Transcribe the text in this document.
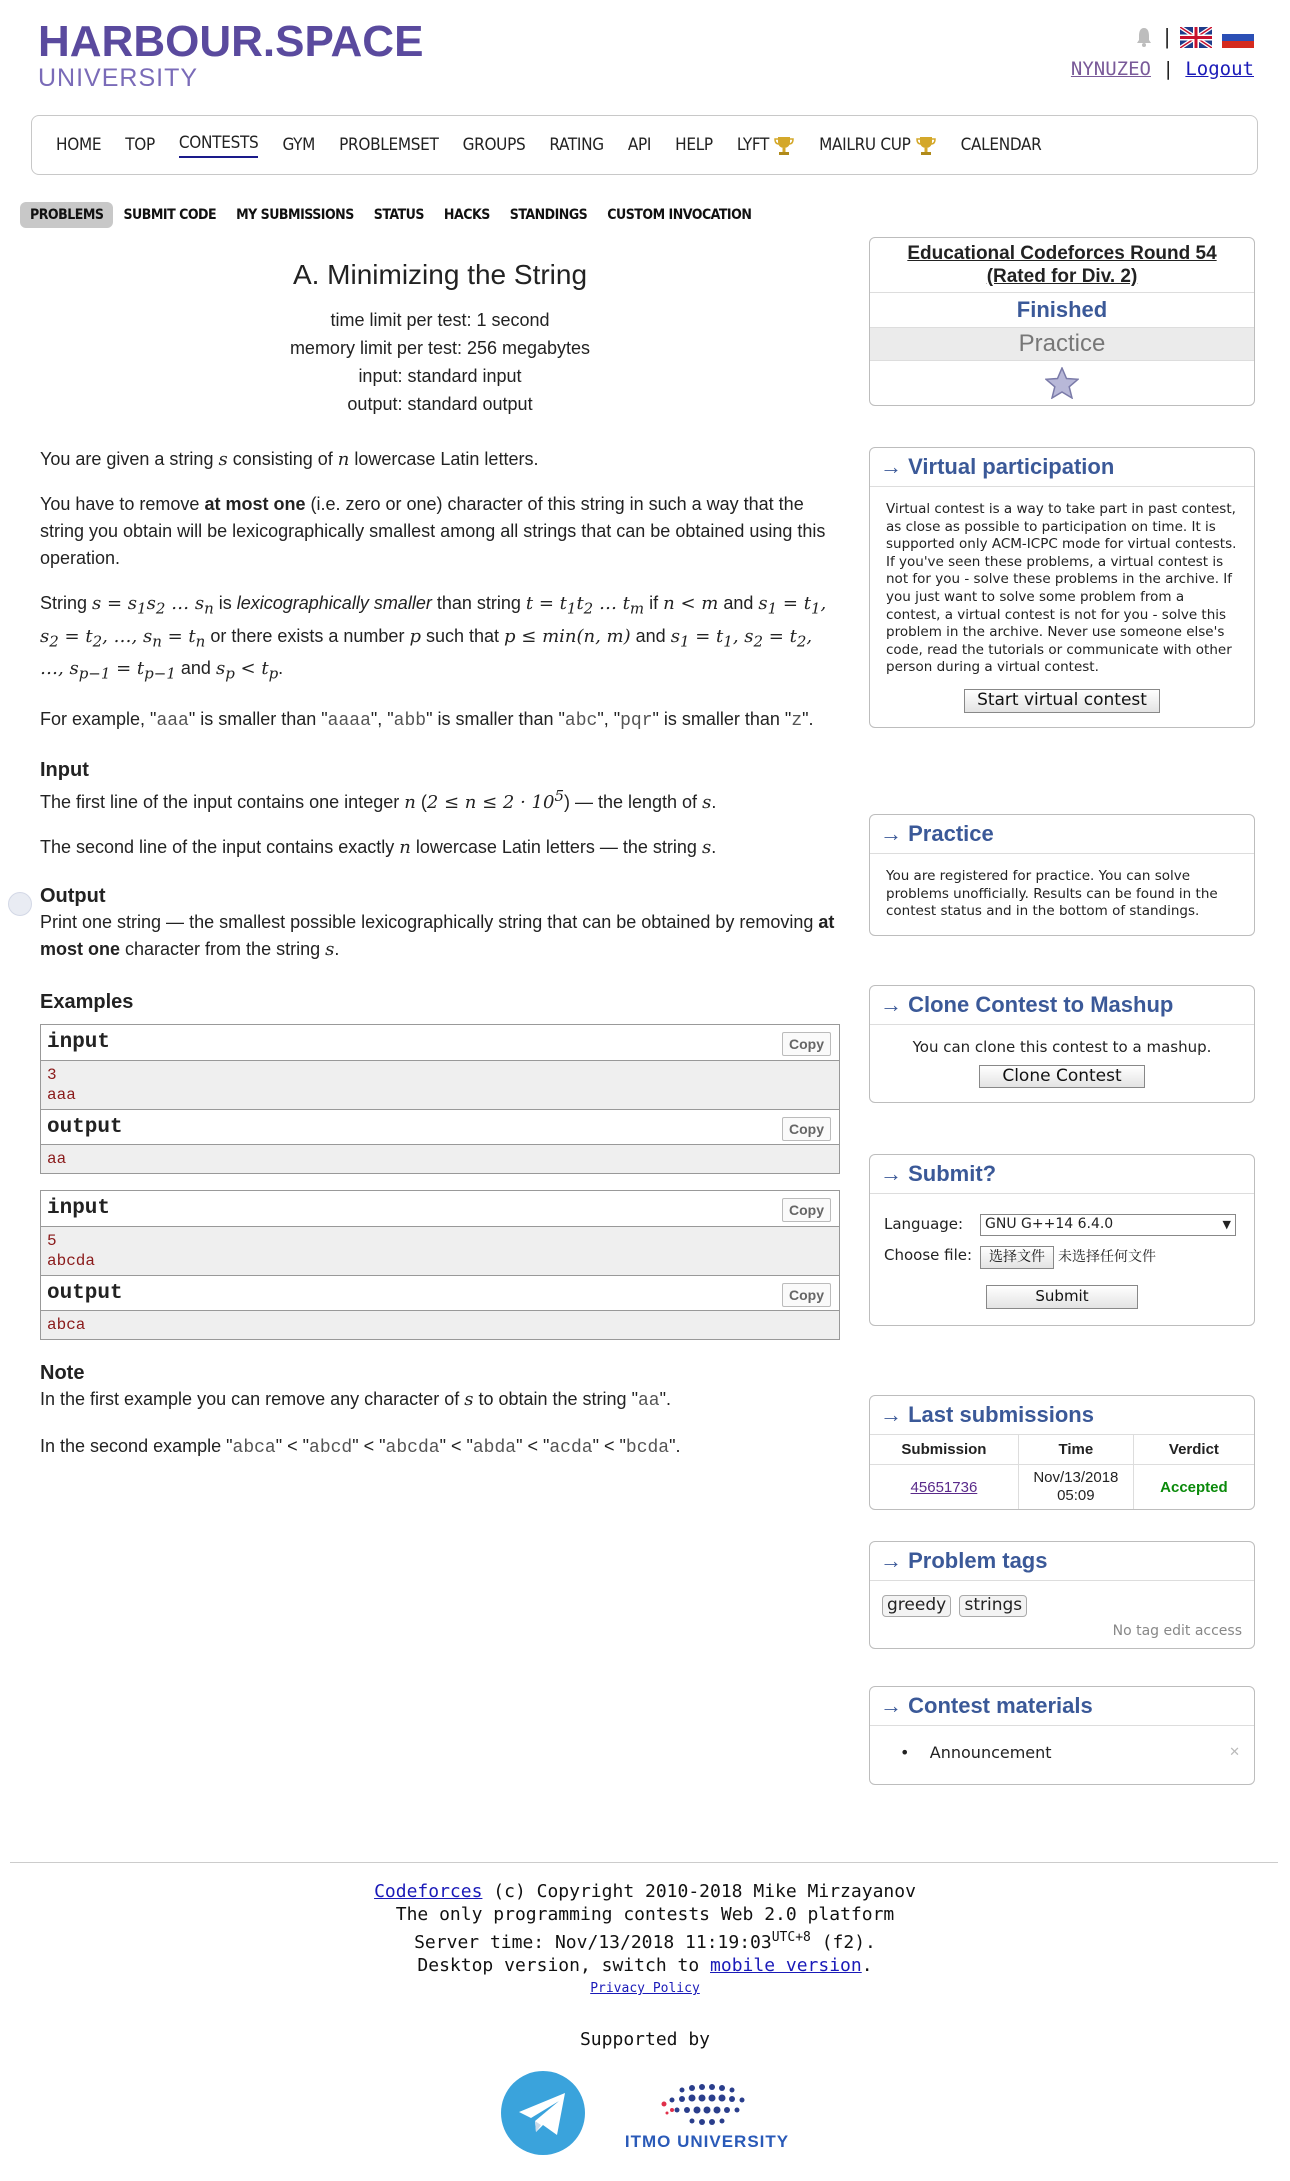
HARBOUR.SPACE
UNIVERSITY
|
NYNUZEO | Logout
HOME TOP CONTESTS GYM PROBLEMSET GROUPS RATING API HELP LYFT	MAILRU CUP	CALENDAR
PROBLEMS	SUBMIT CODE	MY SUBMISSIONS	STATUS	HACKS	STANDINGS	CUSTOM INVOCATION
A. Minimizing the String
time limit per test: 1 second
memory limit per test: 256 megabytes
input: standard input
output: standard output
You are given a string s consisting of n lowercase Latin letters.
You have to remove at most one (i.e. zero or one) character of this string in such a way that the string you obtain will be lexicographically smallest among all strings that can be obtained using this operation.
String $s = s_1s_2$ … $s_n$ is lexicographically smaller than string $t = t_1t_2$ … $t_m$ if n < m and $s_1 = t_1$, $s_2 = t_2$, …, $s_n = t_n$ or there exists a number p such that p ≤ min(n, m) and $s_1 = t_1$, $s_2 = t_2$, …, $s_{p-1} = t_{p-1}$ and $s_p < t_p$.
For example, "aaa" is smaller than "aaaa", "abb" is smaller than "abc", "pqr" is smaller than "z".
Input
The first line of the input contains one integer n $(2 \le n \le 2 \cdot 10^5)$ — the length of s.
The second line of the input contains exactly n lowercase Latin letters — the string s.
Output
Print one string — the smallest possible lexicographically string that can be obtained by removing at most one character from the string s.
Examples
input	Copy
3
aaa
output	Copy
aa
input	Copy
5
abcda
output	Copy
abca
Note
In the first example you can remove any character of s to obtain the string "aa".
In the second example "abca" < "abcd" < "abcda" < "abda" < "acda" < "bcda".
Educational Codeforces Round 54 (Rated for Div. 2)
Finished
Practice
→ Virtual participation
Virtual contest is a way to take part in past contest, as close as possible to participation on time. It is supported only ACM-ICPC mode for virtual contests. If you've seen these problems, a virtual contest is not for you - solve these problems in the archive. If you just want to solve some problem from a contest, a virtual contest is not for you - solve this problem in the archive. Never use someone else's code, read the tutorials or communicate with other person during a virtual contest.
Start virtual contest
→ Practice
You are registered for practice. You can solve problems unofficially. Results can be found in the contest status and in the bottom of standings.
→ Clone Contest to Mashup
You can clone this contest to a mashup.
Clone Contest
→ Submit?
Language:	GNU G++14 6.4.0	▼
Choose file:	选择文件 未选择任何文件
Submit
→ Last submissions
Submission	Time	Verdict
45651736	Nov/13/2018 05:09	Accepted
→ Problem tags
greedy strings
No tag edit access
→ Contest materials
•    Announcement	✕
Codeforces (c) Copyright 2010-2018 Mike Mirzayanov
The only programming contests Web 2.0 platform
Server time: Nov/13/2018 $11:19:03^{UTC+8}$ (f2).
Desktop version, switch to mobile version.
Privacy Policy
Supported by
ITMO UNIVERSITY
